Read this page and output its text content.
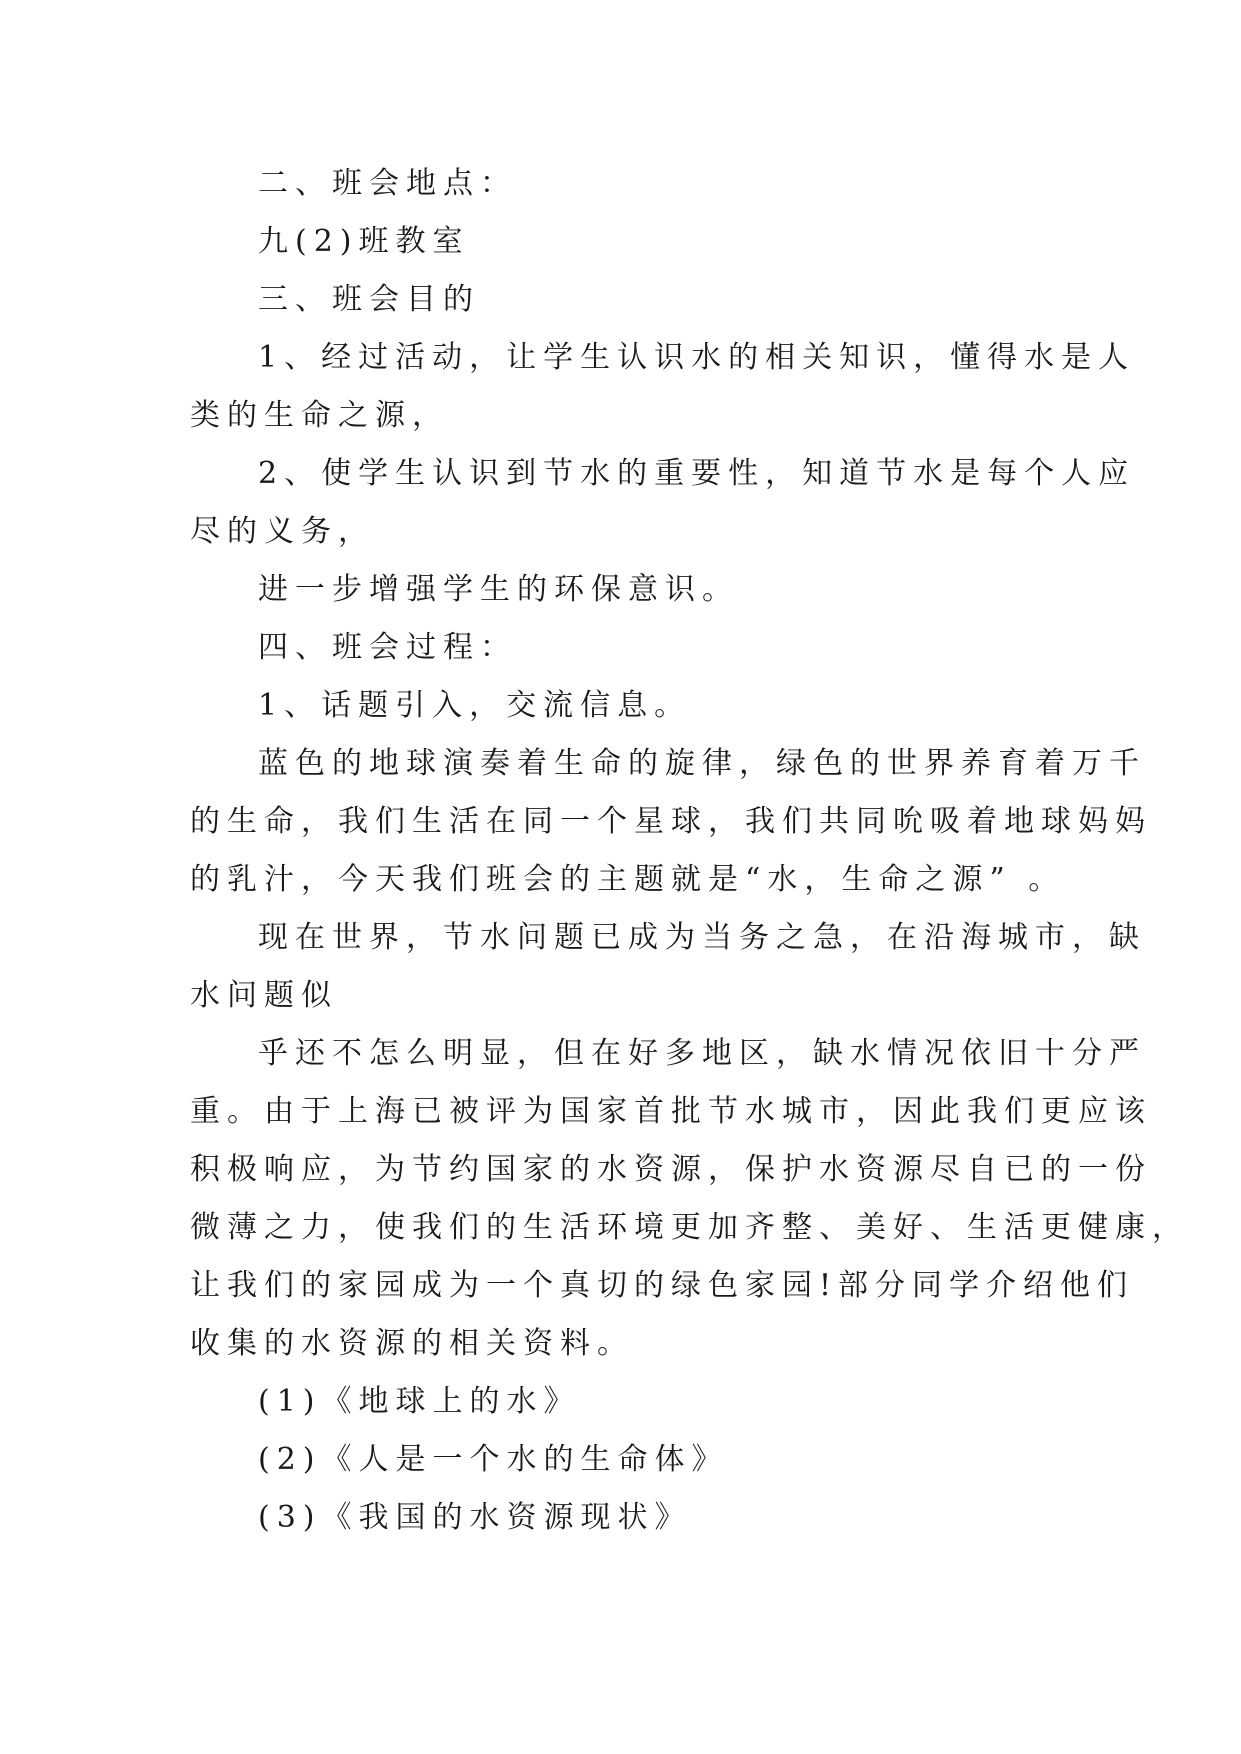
二、班会地点：
九(2)班教室
三、班会目的
1、经过活动，让学生认识水的相关知识，懂得水是人
类的生命之源，
2、使学生认识到节水的重要性，知道节水是每个人应
尽的义务，
进一步增强学生的环保意识。
四、班会过程：
1、话题引入，交流信息。
蓝色的地球演奏着生命的旋律，绿色的世界养育着万千
的生命，我们生活在同一个星球，我们共同吮吸着地球妈妈
的乳汁，今天我们班会的主题就是“水，生命之源” 。
现在世界，节水问题已成为当务之急，在沿海城市，缺
水问题似
乎还不怎么明显，但在好多地区，缺水情况依旧十分严
重。由于上海已被评为国家首批节水城市，因此我们更应该
积极响应，为节约国家的水资源，保护水资源尽自已的一份
微薄之力，使我们的生活环境更加齐整、美好、生活更健康，
让我们的家园成为一个真切的绿色家园!部分同学介绍他们
收集的水资源的相关资料。
(1)《地球上的水》
(2)《人是一个水的生命体》
(3)《我国的水资源现状》
